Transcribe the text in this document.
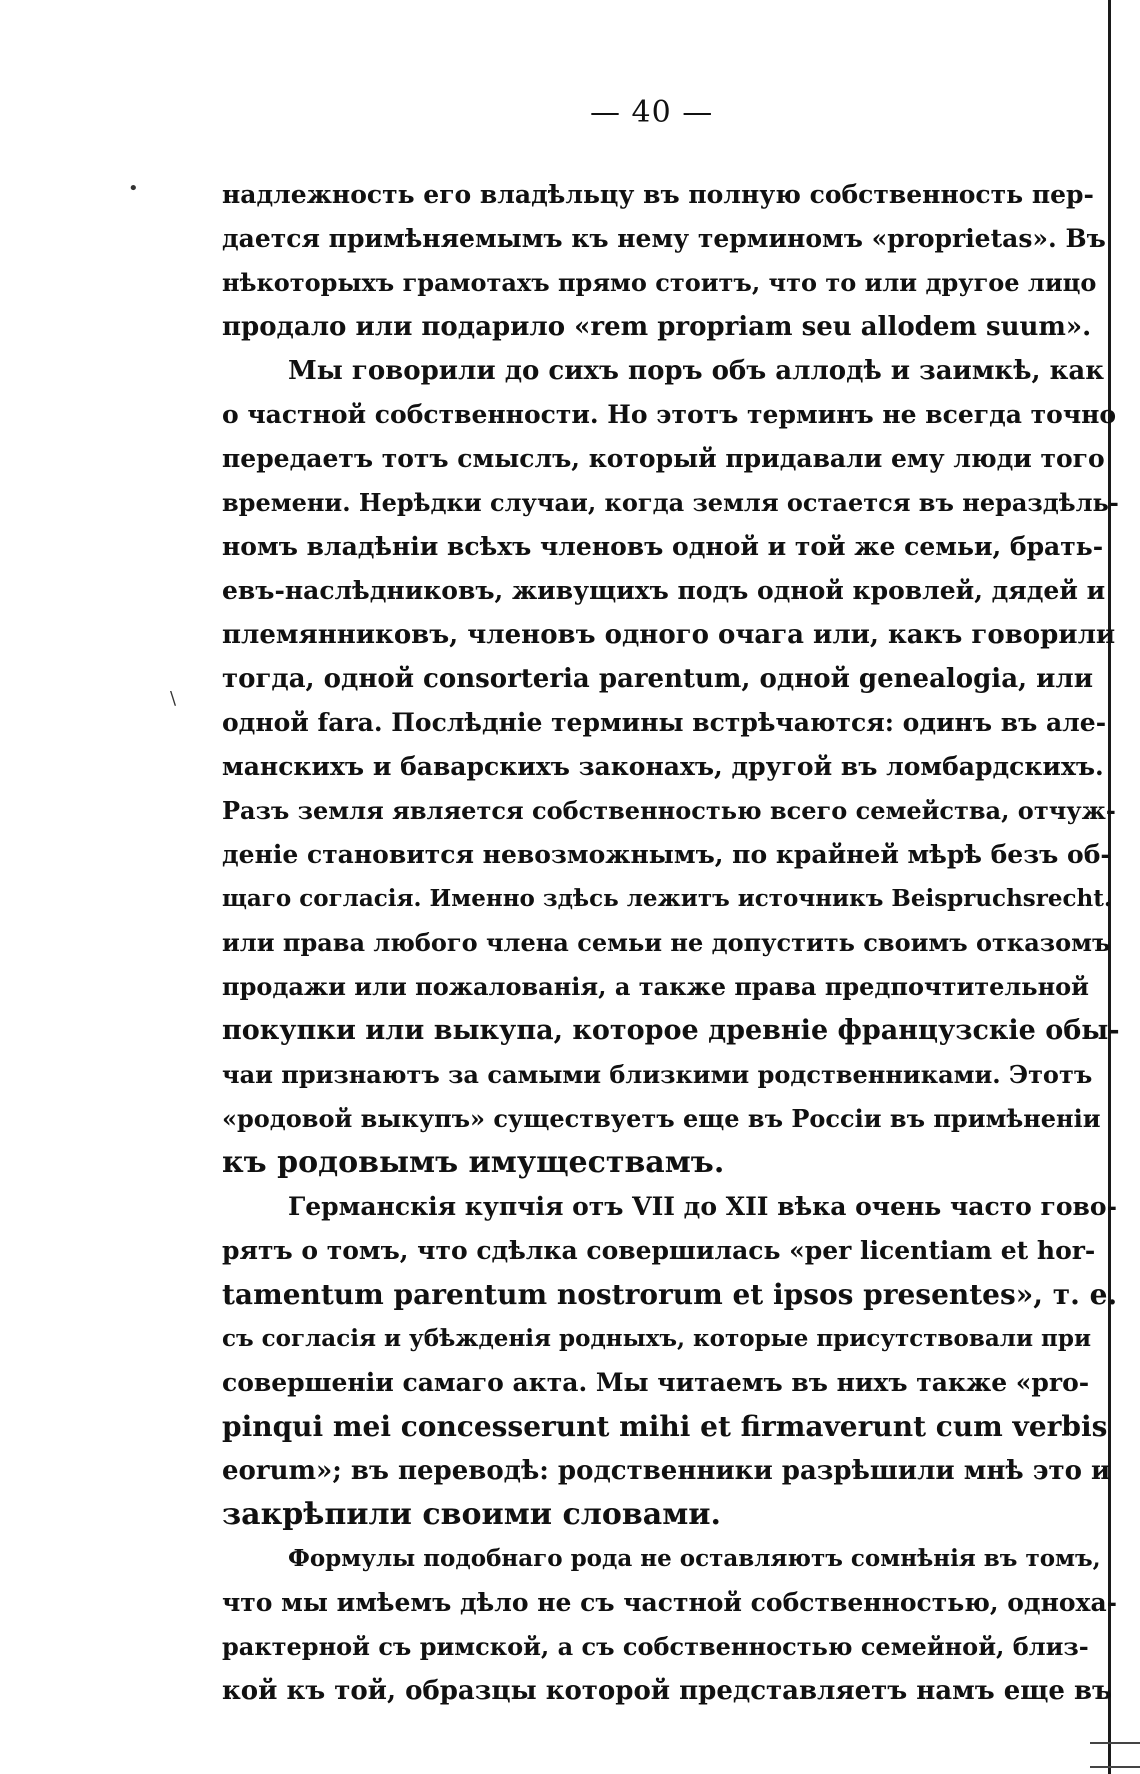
•
\
— 40 —
надлежность его владѣльцу въ полную собственность пер-
дается примѣняемымъ къ нему терминомъ «proprietas». Въ
нѣкоторыхъ грамотахъ прямо стоитъ, что то или другое лицо
продало или подарило «rem propriam seu allodem suum».
Мы говорили до сихъ поръ объ аллодѣ и заимкѣ, как
о частной собственности. Но этотъ терминъ не всегда точно
передаетъ тотъ смыслъ, который придавали ему люди того
времени. Нерѣдки случаи, когда земля остается въ нераздѣль-
номъ владѣніи всѣхъ членовъ одной и той же семьи, брать-
евъ-наслѣдниковъ, живущихъ подъ одной кровлей, дядей и
племянниковъ, членовъ одного очага или, какъ говорили
тогда, одной consorteria parentum, одной genealogia, или
одной fara. Послѣдніе термины встрѣчаются: одинъ въ але-
манскихъ и баварскихъ законахъ, другой въ ломбардскихъ.
Разъ земля является собственностью всего семейства, отчуж-
деніе становится невозможнымъ, по крайней мѣрѣ безъ об-
щаго согласія. Именно здѣсь лежитъ источникъ Beispruchsrecht.
или права любого члена семьи не допустить своимъ отказомъ
продажи или пожалованія, а также права предпочтительной
покупки или выкупа, которое древніе французскіе обы-
чаи признаютъ за самыми близкими родственниками. Этотъ
«родовой выкупъ» существуетъ еще въ Россіи въ примѣненіи
къ родовымъ имуществамъ.
Германскія купчія отъ VII до XII вѣка очень часто гово-
рятъ о томъ, что сдѣлка совершилась «per licentiam et hor-
tamentum parentum nostrorum et ipsos presentes», т. е.
съ согласія и убѣжденія родныхъ, которые присутствовали при
совершеніи самаго акта. Мы читаемъ въ нихъ также «pro-
pinqui mei concesserunt mihi et firmaverunt cum verbis
eorum»; въ переводѣ: родственники разрѣшили мнѣ это и
закрѣпили своими словами.
Формулы подобнаго рода не оставляютъ сомнѣнія въ томъ,
что мы имѣемъ дѣло не съ частной собственностью, одноха-
рактерной съ римской, а съ собственностью семейной, близ-
кой къ той, образцы которой представляетъ намъ еще въ
